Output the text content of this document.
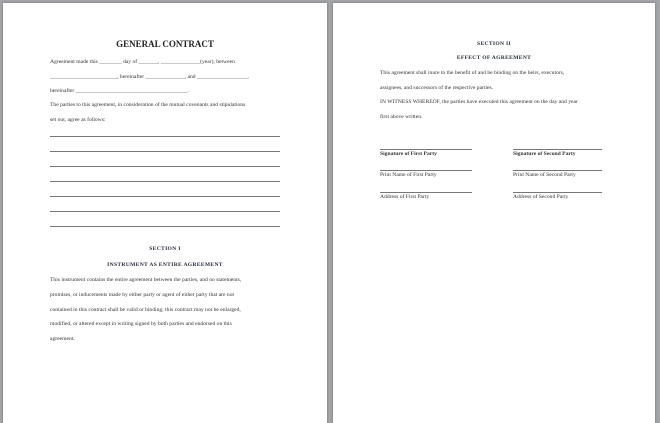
GENERAL CONTRACT
Agreement made this ________ day of _______, ______________(year), between
________________________, hereinafter ______________, and __________________,
hereinafter ________________________________________.
The parties to this agreement, in consideration of the mutual covenants and stipulations
set out, agree as follows:
SECTION I
INSTRUMENT AS ENTIRE AGREEMENT
This instrument contains the entire agreement between the parties, and no statements,
promises, or inducements made by either party or agent of either party that are not
contained in this contract shall be valid or binding; this contract may not be enlarged,
modified, or altered except in writing signed by both parties and endorsed on this
agreement.
SECTION II
EFFECT OF AGREEMENT
This agreement shall inure to the benefit of and be binding on the heirs, executors,
assignees, and successors of the respective parties.
IN WITNESS WHEREOF, the parties have executed this agreement on the day and year
first above written.
Signature of First Party
Print Name of First Party
Address of First Party
Signature of Second Party
Print Name of Second Party
Address of Second Party
